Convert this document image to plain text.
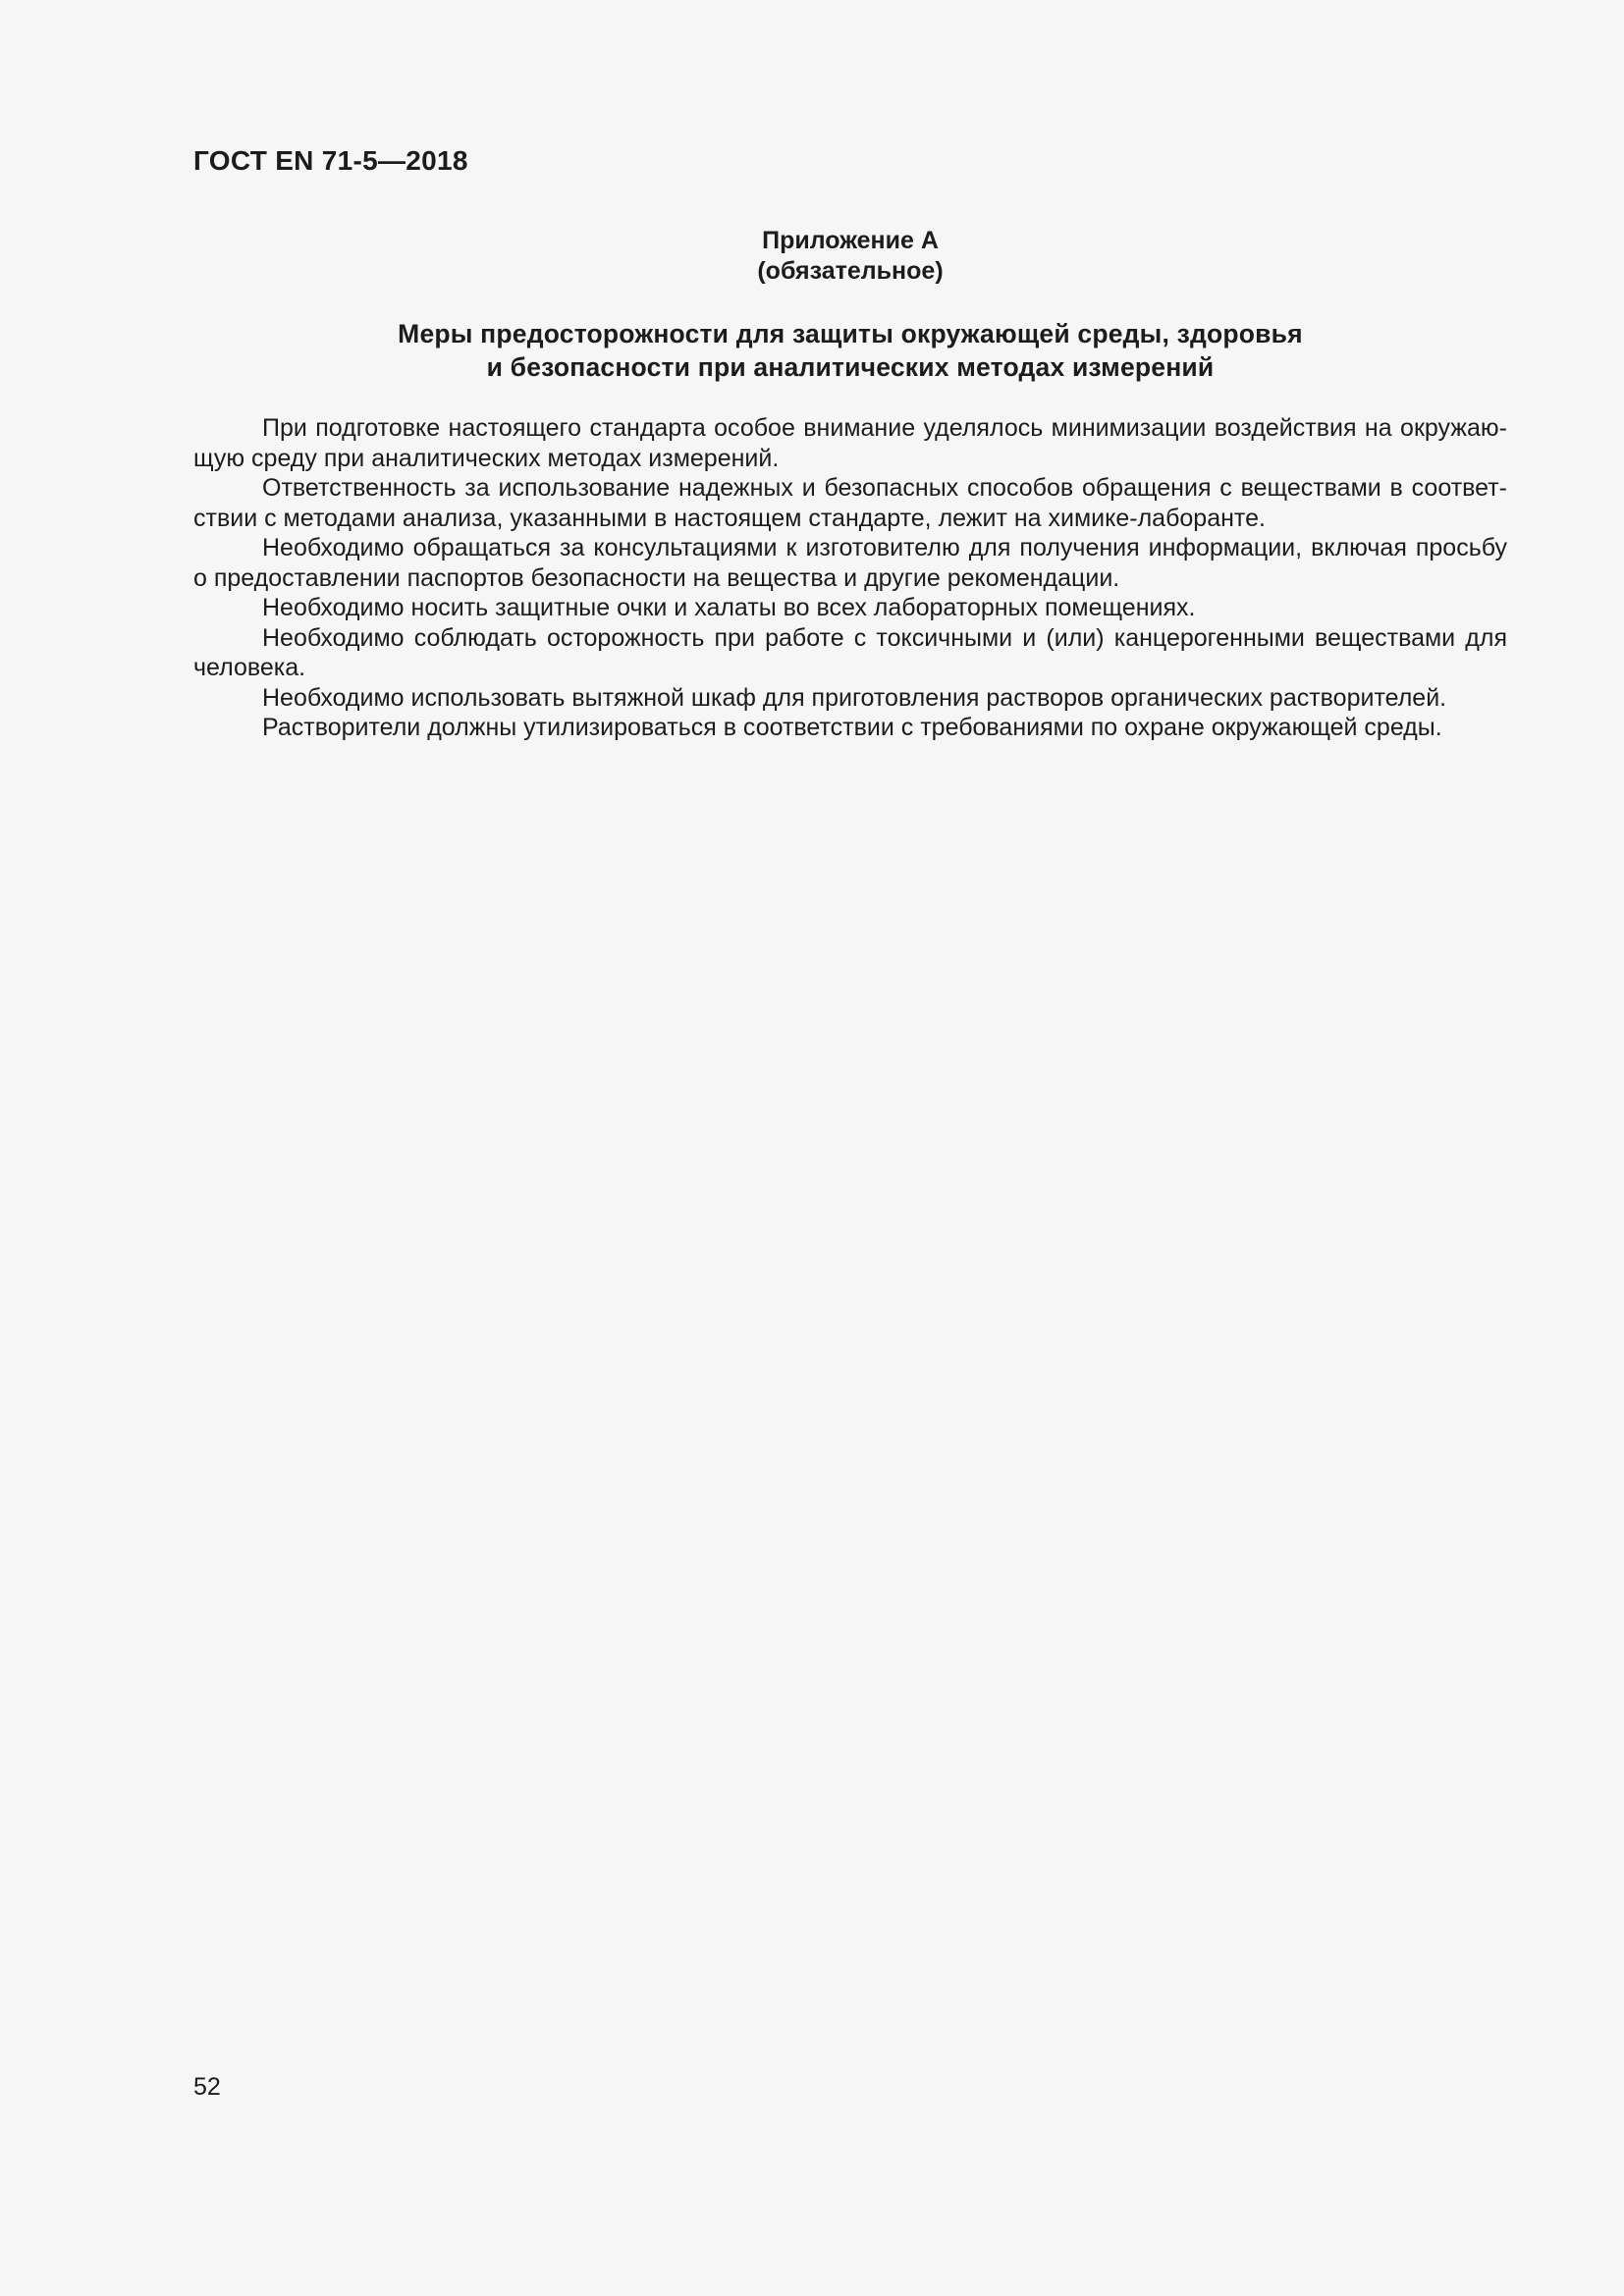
ГОСТ EN 71-5—2018
Приложение А
(обязательное)
Меры предосторожности для защиты окружающей среды, здоровья
и безопасности при аналитических методах измерений

При подготовке настоящего стандарта особое внимание уделялось минимизации воздействия на окружающую среду при аналитических методах измерений.

Ответственность за использование надежных и безопасных способов обращения с веществами в соответствии с методами анализа, указанными в настоящем стандарте, лежит на химике-лаборанте.

Необходимо обращаться за консультациями к изготовителю для получения информации, включая просьбу о предоставлении паспортов безопасности на вещества и другие рекомендации.

Необходимо носить защитные очки и халаты во всех лабораторных помещениях.

Необходимо соблюдать осторожность при работе с токсичными и (или) канцерогенными веществами для человека.

Необходимо использовать вытяжной шкаф для приготовления растворов органических растворителей.

Растворители должны утилизироваться в соответствии с требованиями по охране окружающей среды.

52
